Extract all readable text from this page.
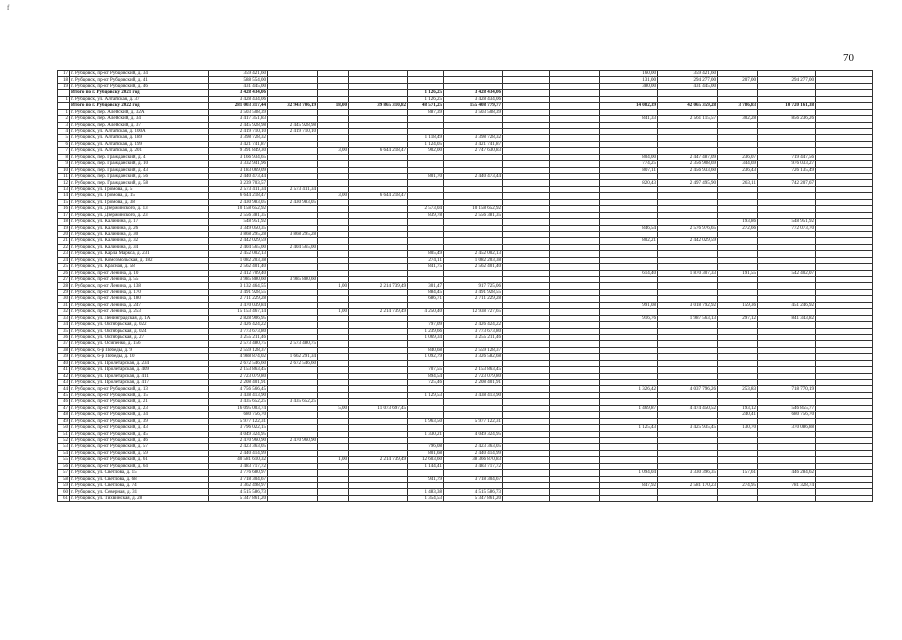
f
70
17	г. Рубцовск, пр-кт Рубцовский, д. 34	359 421,60								160,00	359 421,60			
18	г. Рубцовск, пр-кт Рубцовский, д. 41	588 554,00								131,00	294 277,00	207,00	294 277,00	
19	г. Рубцовск, пр-кт Рубцовский, д. 46	431 445,00								380,00	431 445,00			
	Итого по г. Рубцовску 2021 год	3 428 434,06				1 126,25	3 428 434,06							
1	г. Рубцовск, ул. Алтайская, д. 37	3 428 434,06				1 126,25	3 428 434,06							
	Итого по г. Рубцовску 2022 год	281 003 317,44	32 943 706,19	18,00	39 865 310,82	48 571,25	155 408 779,77			14 082,39	42 065 359,28	3 786,83	10 720 161,38	
1	г. Рубцовск, пер. Алейский, д. 32А	3 503 508,39				887,39	3 503 508,39							
2	г. Рубцовск, пер. Алейский, д. 34	3 417 351,83								841,33	2 561 115,57	302,28	856 236,26	
3	г. Рубцовск, пер. Алейский, д. 37	2 445 928,98	2 445 928,98											
4	г. Рубцовск, ул. Алтайская, д. 100А	2 419 710,10	2 419 710,10											
5	г. Рубцовск, ул. Алтайская, д. 189	3 398 728,32				1 118,49	3 398 728,32							
6	г. Рубцовск, ул. Алтайская, д. 199	3 421 741,87				1 124,05	3 421 741,87							
7	г. Рубцовск, ул. Алтайская, д. 201	9 391 849,30		3,00	6 644 218,47	902,00	2 747 630,83							
8	г. Рубцовск, пер. Гражданский, д. 4	3 166 934,65								804,00	2 447 487,09	236,07	719 447,56	
9	г. Рубцовск, пер. Гражданский, д. 10	3 332 941,96								774,25	2 356 908,69	344,69	976 033,27	
10	г. Рубцовск, пер. Гражданский, д. 43	3 183 069,09								807,11	2 456 933,60	236,43	726 135,49	
11	г. Рубцовск, пер. Гражданский, д. 56	2 440 473,44				801,70	2 440 473,44							
12	г. Рубцовск, пер. Гражданский, д. 58	3 239 703,57								820,43	2 497 495,90	263,11	742 207,67	
13	г. Рубцовск, ул. Громова, д. 5	2 573 411,34	2 573 411,34											
14	г. Рубцовск, ул. Громова, д. 15	6 644 218,47		3,00	6 644 218,47									
15	г. Рубцовск, ул. Громова, д. 38	2 430 983,05	2 430 983,05											
16	г. Рубцовск, ул. Дзержинского, д. 13	10 158 652,92				2 573,04	10 158 652,92							
17	г. Рубцовск, ул. Дзержинского, д. 23	2 556 381,35				839,78	2 556 381,35							
18	г. Рубцовск, ул. Калинина, д. 17	548 951,92										193,86	548 951,92	
19	г. Рубцовск, ул. Калинина, д. 26	3 349 050,35								846,54	2 576 976,65	272,66	772 073,70	
20	г. Рубцовск, ул. Калинина, д. 30	3 868 295,28	3 868 295,28											
21	г. Рубцовск, ул. Калинина, д. 32	2 442 029,59								802,21	2 442 029,59			
22	г. Рубцовск, ул. Калинина, д. 34	2 404 565,00	2 404 565,00											
23	г. Рубцовск, ул. Карла Маркса, д. 231	2 452 002,13				805,49	2 452 002,13							
24	г. Рубцовск, ул. Комсомольская, д. 182	1 082 203,38				274,11	1 082 203,38							
25	г. Рубцовск, ул. Красная, д. 58	2 562 401,40				841,75	2 562 401,40							
26	г. Рубцовск, пр-кт Ленина, д. 10	2 412 709,40								614,40	1 870 307,33	191,55	542 402,07	
27	г. Рубцовск, пр-кт Ленина, д. 55	3 985 880,60	3 985 880,60											
28	г. Рубцовск, пр-кт Ленина, д. 138	3 132 464,55		1,00	2 214 739,49	301,47	917 725,06							
29	г. Рубцовск, пр-кт Ленина, д. 170	3 491 928,55				884,45	3 491 928,55							
30	г. Рубцовск, пр-кт Ленина, д. 180	2 711 229,28				686,71	2 711 229,28							
31	г. Рубцовск, пр-кт Ленина, д. 247	3 470 039,84								991,08	3 018 792,92	159,36	451 246,92	
32	г. Рубцовск, пр-кт Ленина, д. 253	15 153 467,14		1,00	2 214 739,49	4 250,40	12 938 727,65							
33	г. Рубцовск, ул. Ленинградская, д. 1А	2 828 906,95								916,76	1 987 563,13	297,12	841 343,82	
34	г. Рубцовск, ул. Октябрьская, д. 022	2 426 424,22				797,09	2 426 424,22							
35	г. Рубцовск, ул. Октябрьская, д. 024	3 773 673,80				1 239,66	3 773 673,80							
36	г. Рубцовск, ул. Октябрьская, д. 27	3 255 211,46				1 069,34	3 255 211,46							
37	г. Рубцовск, ул. Осипенко, д. 156	2 573 480,75	2 573 480,75											
38	г. Рубцовск, б-р Победы, д. 9	2 559 128,37				840,68	2 559 128,37							
39	г. Рубцовск, б-р Победы, д. 10	4 988 874,02	1 662 291,34			1 092,79	3 326 582,68							
40	г. Рубцовск, ул. Пролетарская, д. 234	2 672 546,60	2 672 546,60											
41	г. Рубцовск, ул. Пролетарская, д. 409	2 153 863,45				707,55	2 153 863,45							
42	г. Рубцовск, ул. Пролетарская, д. 411	2 723 079,80				894,54	2 723 079,80							
43	г. Рубцовск, ул. Пролетарская, д. 417	2 208 401,91				725,46	2 208 401,91							
44	г. Рубцовск, пр-кт Рубцовский, д. 13	4 756 566,45								1 326,42	4 037 796,26	253,83	718 770,19	
45	г. Рубцовск, пр-кт Рубцовский, д. 15	3 438 413,90				1 129,53	3 438 413,90							
46	г. Рубцовск, пр-кт Рубцовский, д. 21	3 435 652,25	3 435 652,25											
47	г. Рубцовск, пр-кт Рубцовский, д. 23	16 095 003,74		5,00	11 073 697,45					1 469,87	4 474 450,52	193,12	546 855,77	
48	г. Рубцовск, пр-кт Рубцовский, д. 34	680 756,70										240,41	680 756,70	
49	г. Рубцовск, пр-кт Рубцовский, д. 39	5 977 122,31				1 963,50	5 977 122,31							
50	г. Рубцовск, пр-кт Рубцовский, д. 43	3 796 022,15								1 125,43	3 425 935,45	130,70	370 086,88	
51	г. Рубцовск, пр-кт Рубцовский, д. 45	4 049 324,95				1 330,21	4 049 324,95							
52	г. Рубцовск, пр-кт Рубцовский, д. 46	2 470 960,90	2 470 960,90											
53	г. Рубцовск, пр-кт Рубцовский, д. 57	2 423 363,05				796,08	2 423 363,05							
54	г. Рубцовск, пр-кт Рубцовский, д. 59	2 440 414,99				801,68	2 440 414,99							
55	г. Рубцовск, пр-кт Рубцовский, д. 61	40 581 610,32		1,00	2 214 739,49	12 603,60	38 366 870,83							
56	г. Рубцовск, пр-кт Рубцовский, д. 64	3 483 717,72				1 144,41	3 483 717,72							
57	г. Рубцовск, ул. Светлова, д. 15	3 776 680,97								1 094,04	3 330 396,35	157,61	446 284,62	
58	г. Рубцовск, ул. Светлова, д. 68	3 718 304,67				941,79	3 718 304,67							
59	г. Рубцовск, ул. Светлова, д. 74	3 362 498,97								847,92	2 581 170,23	274,95	781 328,74	
60	г. Рубцовск, ул. Северная, д. 31	4 515 586,73				1 483,38	4 515 586,73							
61	г. Рубцовск, ул. Тихвинская, д. 28	5 347 861,20				1 354,53	5 347 861,20							
